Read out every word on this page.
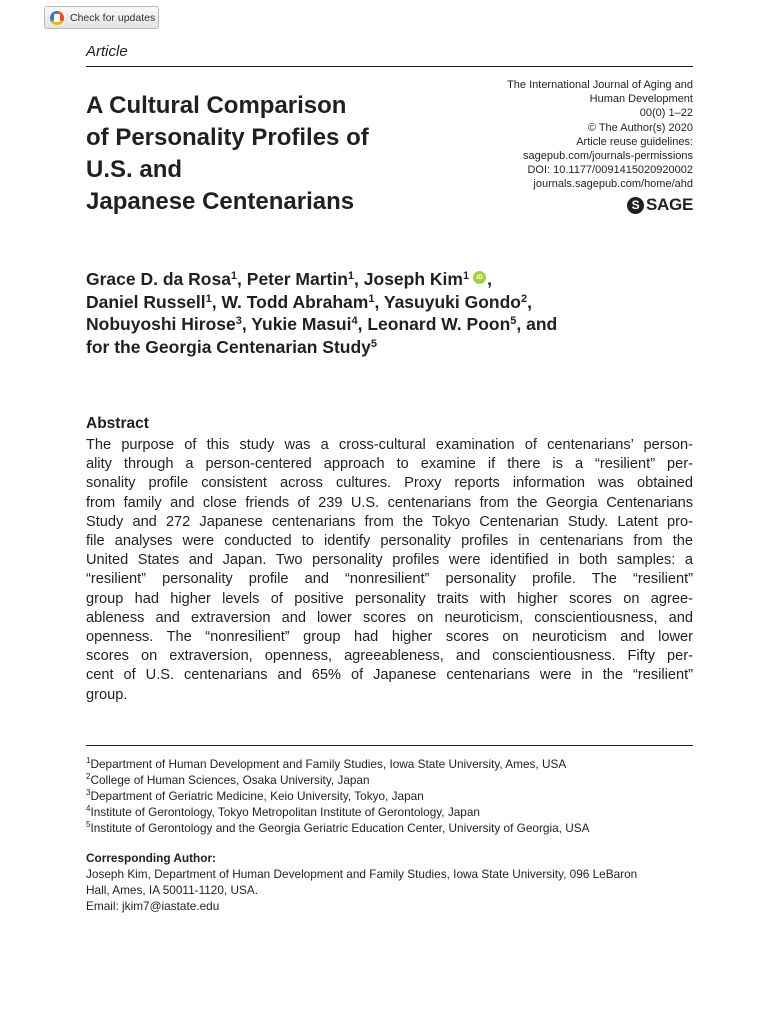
Check for updates
Article
A Cultural Comparison
of Personality Profiles of
U.S. and
Japanese Centenarians
The International Journal of Aging and
Human Development
00(0) 1–22
© The Author(s) 2020
Article reuse guidelines:
sagepub.com/journals-permissions
DOI: 10.1177/0091415020920002
journals.sagepub.com/home/ahd
S
SAGE
Grace D. da Rosa$^1$, Peter Martin$^1$, Joseph Kim$^1$iD ,
Daniel Russell$^1$, W. Todd Abraham$^1$, Yasuyuki Gondo$^2$,
Nobuyoshi Hirose$^3$, Yukie Masui$^4$, Leonard W. Poon$^5$, and
for the Georgia Centenarian Study$^5$
Abstract
The purpose of this study was a cross-cultural examination of centenarians’ person-
ality through a person-centered approach to examine if there is a “resilient” per-
sonality profile consistent across cultures. Proxy reports information was obtained
from family and close friends of 239 U.S. centenarians from the Georgia Centenarians
Study and 272 Japanese centenarians from the Tokyo Centenarian Study. Latent pro-
file analyses were conducted to identify personality profiles in centenarians from the
United States and Japan. Two personality profiles were identified in both samples: a
“resilient” personality profile and “nonresilient” personality profile. The “resilient”
group had higher levels of positive personality traits with higher scores on agree-
ableness and extraversion and lower scores on neuroticism, conscientiousness, and
openness. The “nonresilient” group had higher scores on neuroticism and lower
scores on extraversion, openness, agreeableness, and conscientiousness. Fifty per-
cent of U.S. centenarians and 65% of Japanese centenarians were in the “resilient”
group.
$^1$Department of Human Development and Family Studies, Iowa State University, Ames, USA
$^2$College of Human Sciences, Osaka University, Japan
$^3$Department of Geriatric Medicine, Keio University, Tokyo, Japan
$^4$Institute of Gerontology, Tokyo Metropolitan Institute of Gerontology, Japan
$^5$Institute of Gerontology and the Georgia Geriatric Education Center, University of Georgia, USA
Corresponding Author:
Joseph Kim, Department of Human Development and Family Studies, Iowa State University, 096 LeBaron
Hall, Ames, IA 50011-1120, USA.
Email: jkim7@iastate.edu
